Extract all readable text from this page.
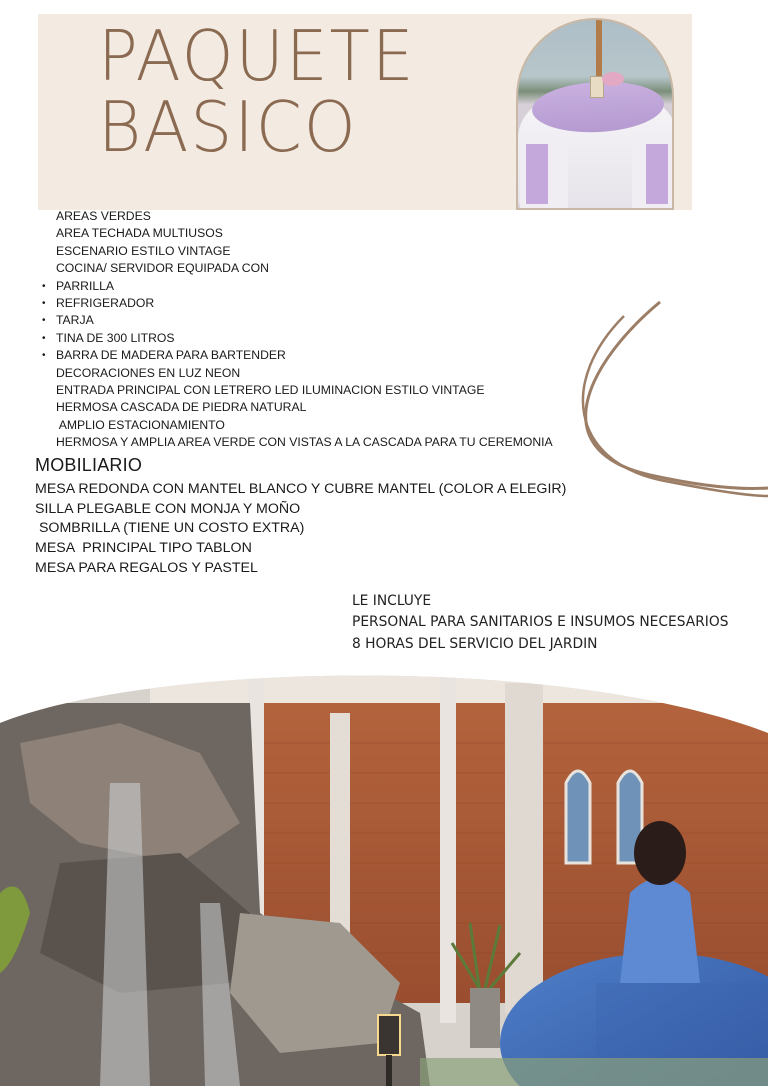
PAQUETE
BASICO
AREAS VERDES
AREA TECHADA MULTIUSOS
ESCENARIO ESTILO VINTAGE
COCINA/ SERVIDOR EQUIPADA CON
• PARRILLA
• REFRIGERADOR
• TARJA
• TINA DE 300 LITROS
• BARRA DE MADERA PARA BARTENDER
DECORACIONES EN LUZ NEON
ENTRADA PRINCIPAL CON LETRERO LED ILUMINACION ESTILO VINTAGE
HERMOSA CASCADA DE PIEDRA NATURAL
AMPLIO ESTACIONAMIENTO
HERMOSA Y AMPLIA AREA VERDE CON VISTAS A LA CASCADA PARA TU CEREMONIA
MOBILIARIO
MESA REDONDA CON MANTEL BLANCO Y CUBRE MANTEL (COLOR A ELEGIR)
SILLA PLEGABLE CON MONJA Y MOÑO
SOMBRILLA (TIENE UN COSTO EXTRA)
MESA  PRINCIPAL TIPO TABLON
MESA PARA REGALOS Y PASTEL
LE INCLUYE
PERSONAL PARA SANITARIOS E INSUMOS NECESARIOS
8 HORAS DEL SERVICIO DEL JARDIN
